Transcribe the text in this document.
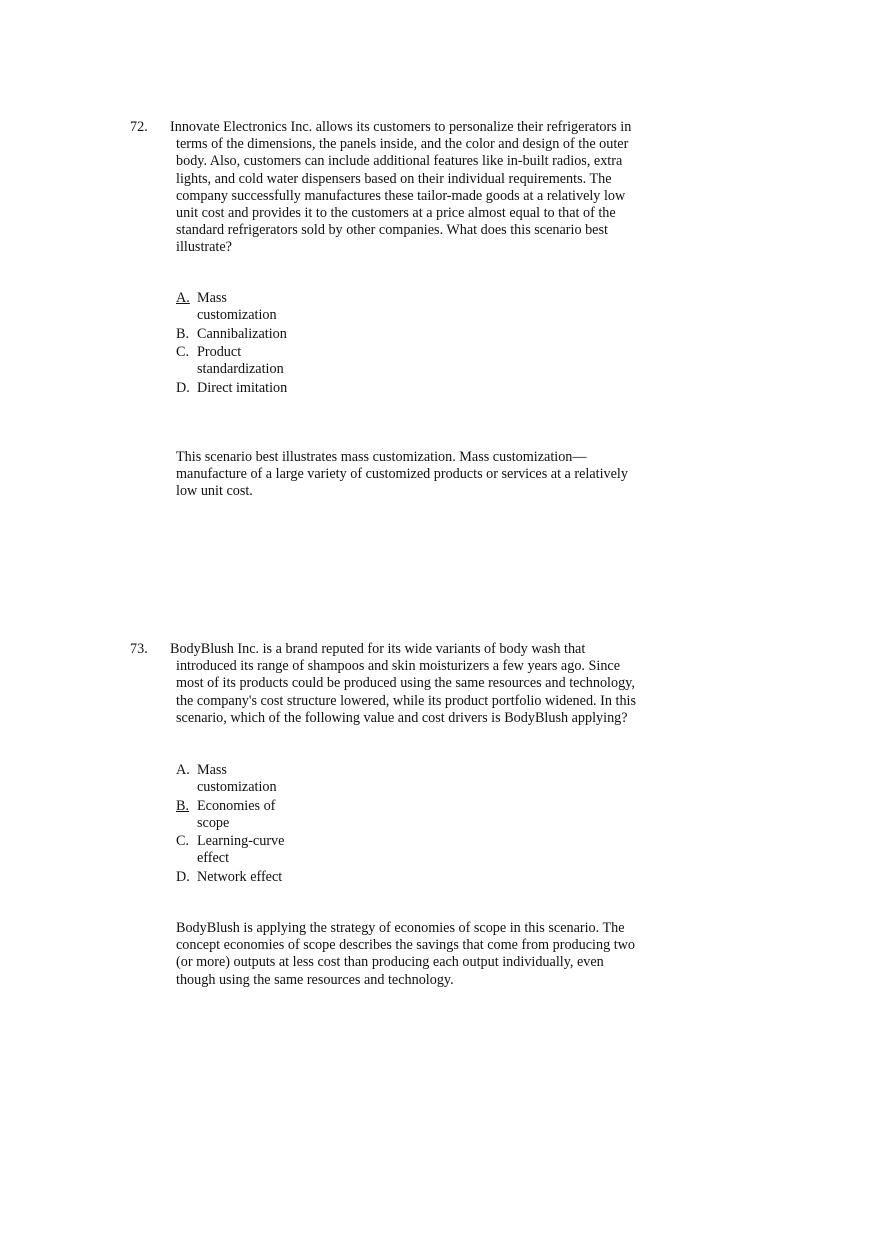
72. Innovate Electronics Inc. allows its customers to personalize their refrigerators in terms of the dimensions, the panels inside, and the color and design of the outer body. Also, customers can include additional features like in-built radios, extra lights, and cold water dispensers based on their individual requirements. The company successfully manufactures these tailor-made goods at a relatively low unit cost and provides it to the customers at a price almost equal to that of the standard refrigerators sold by other companies. What does this scenario best illustrate?

A. Mass customization
B. Cannibalization
C. Product standardization
D. Direct imitation

This scenario best illustrates mass customization. Mass customization—manufacture of a large variety of customized products or services at a relatively low unit cost.

73. BodyBlush Inc. is a brand reputed for its wide variants of body wash that introduced its range of shampoos and skin moisturizers a few years ago. Since most of its products could be produced using the same resources and technology, the company's cost structure lowered, while its product portfolio widened. In this scenario, which of the following value and cost drivers is BodyBlush applying?

A. Mass customization
B. Economies of scope
C. Learning-curve effect
D. Network effect

BodyBlush is applying the strategy of economies of scope in this scenario. The concept economies of scope describes the savings that come from producing two (or more) outputs at less cost than producing each output individually, even though using the same resources and technology.
